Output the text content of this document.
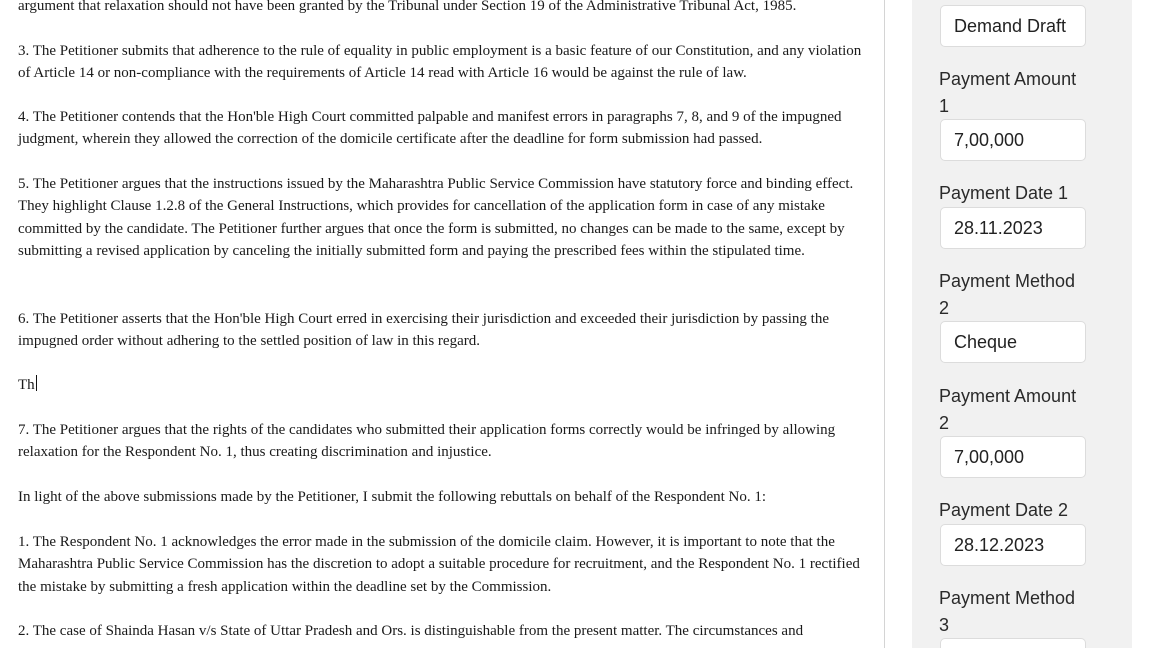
argument that relaxation should not have been granted by the Tribunal under Section 19 of the Administrative Tribunal Act, 1985.

3. The Petitioner submits that adherence to the rule of equality in public employment is a basic feature of our Constitution, and any violation of Article 14 or non-compliance with the requirements of Article 14 read with Article 16 would be against the rule of law.

4. The Petitioner contends that the Hon'ble High Court committed palpable and manifest errors in paragraphs 7, 8, and 9 of the impugned judgment, wherein they allowed the correction of the domicile certificate after the deadline for form submission had passed.

5. The Petitioner argues that the instructions issued by the Maharashtra Public Service Commission have statutory force and binding effect. They highlight Clause 1.2.8 of the General Instructions, which provides for cancellation of the application form in case of any mistake committed by the candidate. The Petitioner further argues that once the form is submitted, no changes can be made to the same, except by submitting a revised application by canceling the initially submitted form and paying the prescribed fees within the stipulated time.

6. The Petitioner asserts that the Hon'ble High Court erred in exercising their jurisdiction and exceeded their jurisdiction by passing the impugned order without adhering to the settled position of law in this regard.

Th

7. The Petitioner argues that the rights of the candidates who submitted their application forms correctly would be infringed by allowing relaxation for the Respondent No. 1, thus creating discrimination and injustice.

In light of the above submissions made by the Petitioner, I submit the following rebuttals on behalf of the Respondent No. 1:

1. The Respondent No. 1 acknowledges the error made in the submission of the domicile claim. However, it is important to note that the Maharashtra Public Service Commission has the discretion to adopt a suitable procedure for recruitment, and the Respondent No. 1 rectified the mistake by submitting a fresh application within the deadline set by the Commission.

2. The case of Shainda Hasan v/s State of Uttar Pradesh and Ors. is distinguishable from the present matter. The circumstances and

Demand Draft
Payment Amount 1
7,00,000
Payment Date 1
28.11.2023
Payment Method 2
Cheque
Payment Amount 2
7,00,000
Payment Date 2
28.12.2023
Payment Method 3
